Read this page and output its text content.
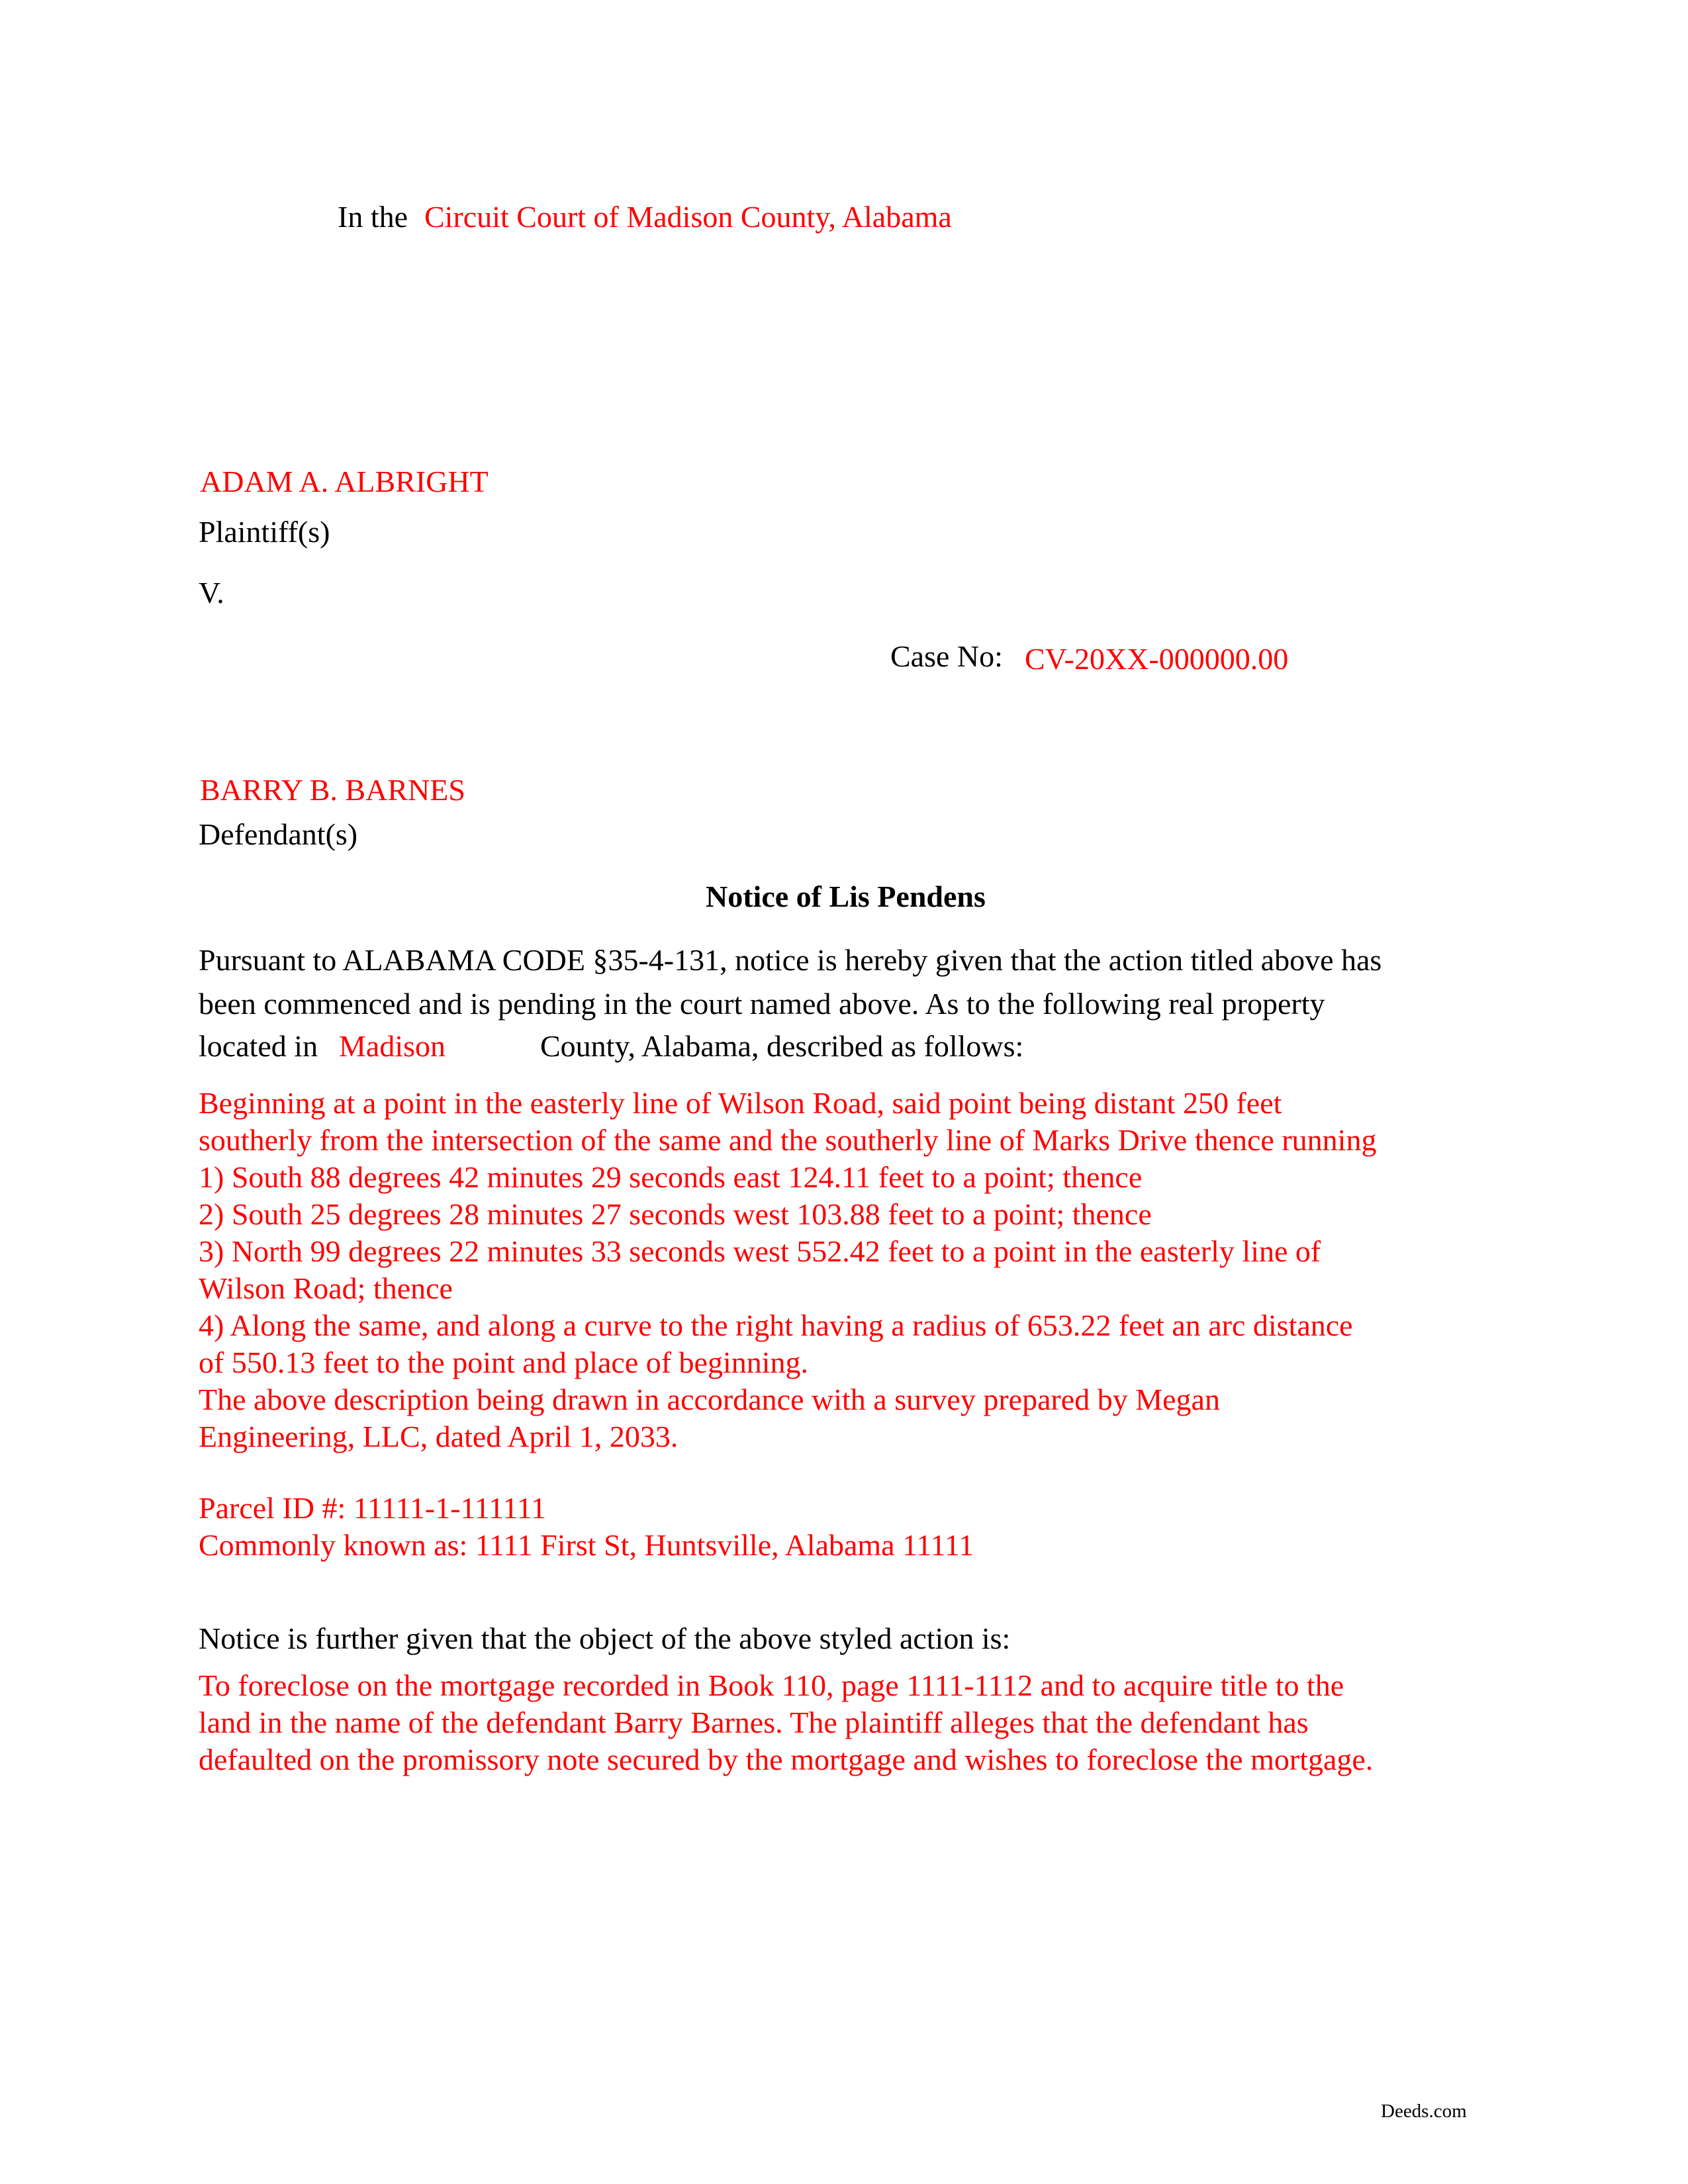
In the Circuit Court of Madison County, Alabama
ADAM A. ALBRIGHT
Plaintiff(s)
V.
Case No: CV-20XX-000000.00
BARRY B. BARNES
Defendant(s)
Notice of Lis Pendens
Pursuant to ALABAMA CODE §35-4-131, notice is hereby given that the action titled above has
been commenced and is pending in the court named above. As to the following real property
located in Madison	County, Alabama, described as follows:
Beginning at a point in the easterly line of Wilson Road, said point being distant 250 feet
southerly from the intersection of the same and the southerly line of Marks Drive thence running
1) South 88 degrees 42 minutes 29 seconds east 124.11 feet to a point; thence
2) South 25 degrees 28 minutes 27 seconds west 103.88 feet to a point; thence
3) North 99 degrees 22 minutes 33 seconds west 552.42 feet to a point in the easterly line of
Wilson Road; thence
4) Along the same, and along a curve to the right having a radius of 653.22 feet an arc distance
of 550.13 feet to the point and place of beginning.
The above description being drawn in accordance with a survey prepared by Megan
Engineering, LLC, dated April 1, 2033.
Parcel ID #: 11111-1-111111
Commonly known as: 1111 First St, Huntsville, Alabama 11111
Notice is further given that the object of the above styled action is:
To foreclose on the mortgage recorded in Book 110, page 1111-1112 and to acquire title to the
land in the name of the defendant Barry Barnes. The plaintiff alleges that the defendant has
defaulted on the promissory note secured by the mortgage and wishes to foreclose the mortgage.
Deeds.com
